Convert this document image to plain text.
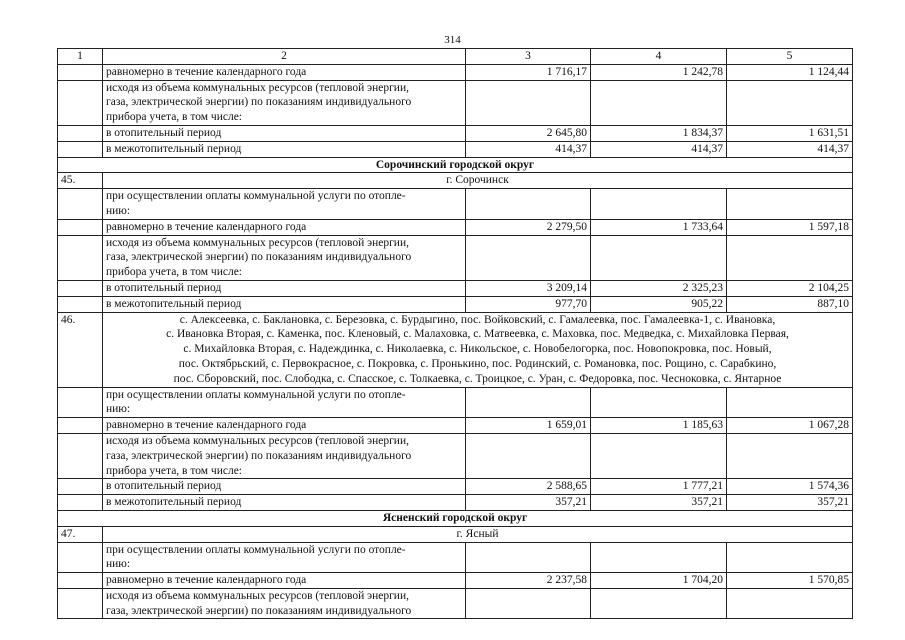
314
1	2	3	4	5
	равномерно в течение календарного года	1 716,17	1 242,78	1 124,44

	исходя из объема коммунальных ресурсов (тепловой энергии,
газа, электрической энергии) по показаниям индивидуального
прибора учета, в том числе:			

	в отопительный период	2 645,80	1 834,37	1 631,51
	в межотопительный период	414,37	414,37	414,37
Сорочинский городской округ				
45.	г. Сорочинск			

	при осуществлении оплаты коммунальной услуги по отопле-
нию:			

	равномерно в течение календарного года	2 279,50	1 733,64	1 597,18

	исходя из объема коммунальных ресурсов (тепловой энергии,
газа, электрической энергии) по показаниям индивидуального
прибора учета, в том числе:			

	в отопительный период	3 209,14	2 325,23	2 104,25
	в межотопительный период	977,70	905,22	887,10
46.	с. Алексеевка, с. Баклановка, с. Березовка, с. Бурдыгино, пос. Войковский, с. Гамалеевка, пос. Гамалеевка-1, с. Ивановка,
с. Ивановка Вторая, с. Каменка, пос. Кленовый, с. Малаховка, с. Матвеевка, с. Маховка, пос. Медведка, с. Михайловка Первая,
с. Михайловка Вторая, с. Надеждинка, с. Николаевка, с. Никольское, с. Новобелогорка, пос. Новопокровка, пос. Новый,
пос. Октябрьский, с. Первокрасное, с. Покровка, с. Пронькино, пос. Родинский, с. Романовка, пос. Рощино, с. Сарабкино,
пос. Сборовский, пос. Слободка, с. Спасское, с. Толкаевка, с. Троицкое, с. Уран, с. Федоровка, пос. Чесноковка, с. Янтарное			

	при осуществлении оплаты коммунальной услуги по отопле-
нию:			

	равномерно в течение календарного года	1 659,01	1 185,63	1 067,28

	исходя из объема коммунальных ресурсов (тепловой энергии,
газа, электрической энергии) по показаниям индивидуального
прибора учета, в том числе:			

	в отопительный период	2 588,65	1 777,21	1 574,36
	в межотопительный период	357,21	357,21	357,21
Ясненский городской округ				
47.	г. Ясный			

	при осуществлении оплаты коммунальной услуги по отопле-
нию:			

	равномерно в течение календарного года	2 237,58	1 704,20	1 570,85

	исходя из объема коммунальных ресурсов (тепловой энергии,
газа, электрической энергии) по показаниям индивидуального			
